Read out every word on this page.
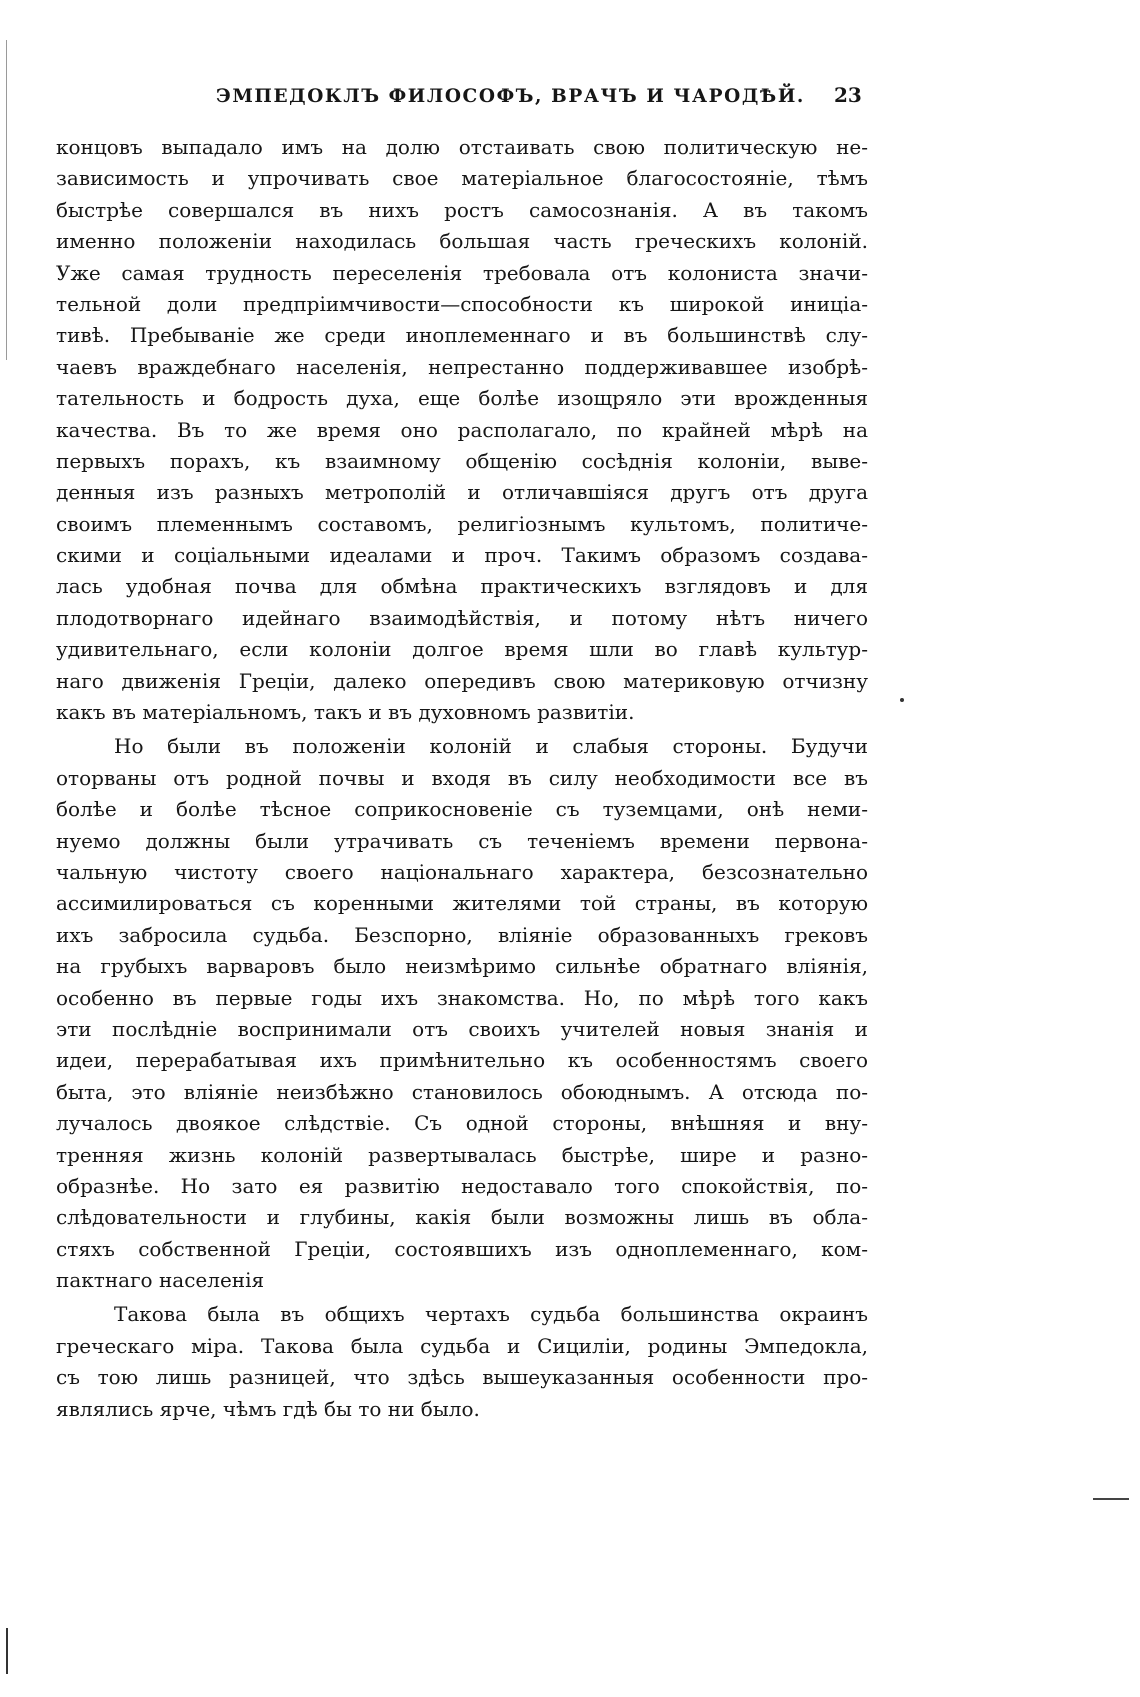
ЭМПЕДОКЛЪ ФИЛОСОФЪ, ВРАЧЪ И ЧАРОДѢЙ. 23
концовъ выпадало имъ на долю отстаивать свою политическую не-
зависимость и упрочивать свое матеріальное благосостояніе, тѣмъ
быстрѣе совершался въ нихъ ростъ самосознанія. А въ такомъ
именно положеніи находилась большая часть греческихъ колоній.
Уже самая трудность переселенія требовала отъ колониста значи-
тельной доли предпріимчивости—способности къ широкой иниціа-
тивѣ. Пребываніе же среди иноплеменнаго и въ большинствѣ слу-
чаевъ враждебнаго населенія, непрестанно поддерживавшее изобрѣ-
тательность и бодрость духа, еще болѣе изощряло эти врожденныя
качества. Въ то же время оно располагало, по крайней мѣрѣ на
первыхъ порахъ, къ взаимному общенію сосѣднія колоніи, выве-
денныя изъ разныхъ метрополій и отличавшіяся другъ отъ друга
своимъ племеннымъ составомъ, религіознымъ культомъ, политиче-
скими и соціальными идеалами и проч. Такимъ образомъ создава-
лась удобная почва для обмѣна практическихъ взглядовъ и для
плодотворнаго идейнаго взаимодѣйствія, и потому нѣтъ ничего
удивительнаго, если колоніи долгое время шли во главѣ культур-
наго движенія Греціи, далеко опередивъ свою материковую отчизну
какъ въ матеріальномъ, такъ и въ духовномъ развитіи.
Но были въ положеніи колоній и слабыя стороны. Будучи
оторваны отъ родной почвы и входя въ силу необходимости все въ
болѣе и болѣе тѣсное соприкосновеніе съ туземцами, онѣ неми-
нуемо должны были утрачивать съ теченіемъ времени первона-
чальную чистоту своего національнаго характера, безсознательно
ассимилироваться съ коренными жителями той страны, въ которую
ихъ забросила судьба. Безспорно, вліяніе образованныхъ грековъ
на грубыхъ варваровъ было неизмѣримо сильнѣе обратнаго вліянія,
особенно въ первые годы ихъ знакомства. Но, по мѣрѣ того какъ
эти послѣдніе воспринимали отъ своихъ учителей новыя знанія и
идеи, перерабатывая ихъ примѣнительно къ особенностямъ своего
быта, это вліяніе неизбѣжно становилось обоюднымъ. А отсюда по-
лучалось двоякое слѣдствіе. Съ одной стороны, внѣшняя и вну-
тренняя жизнь колоній развертывалась быстрѣе, шире и разно-
образнѣе. Но зато ея развитію недоставало того спокойствія, по-
слѣдовательности и глубины, какія были возможны лишь въ обла-
стяхъ собственной Греціи, состоявшихъ изъ одноплеменнаго, ком-
пактнаго населенія
Такова была въ общихъ чертахъ судьба большинства окраинъ
греческаго міра. Такова была судьба и Сициліи, родины Эмпедокла,
съ тою лишь разницей, что здѣсь вышеуказанныя особенности про-
являлись ярче, чѣмъ гдѣ бы то ни было.
